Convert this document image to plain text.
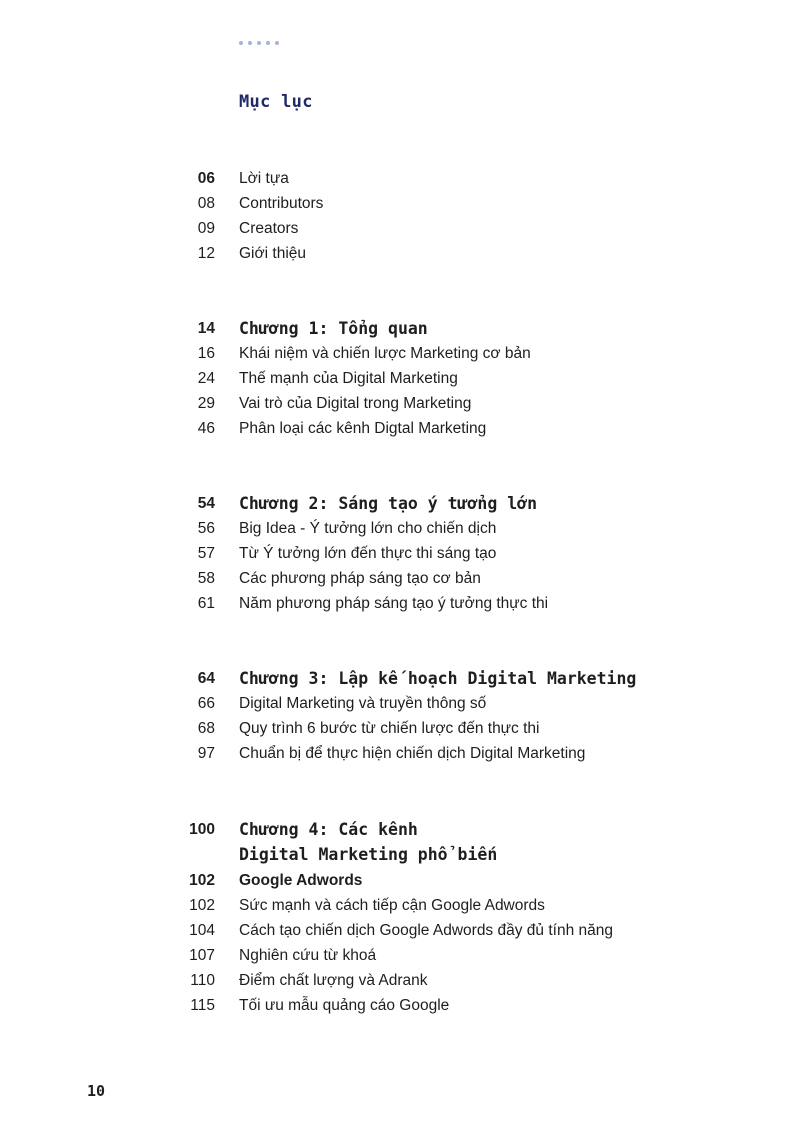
Mục lục
06 Lời tựa
08 Contributors
09 Creators
12 Giới thiệu
14 Chương 1: Tổng quan
16 Khái niệm và chiến lược Marketing cơ bản
24 Thế mạnh của Digital Marketing
29 Vai trò của Digital trong Marketing
46 Phân loại các kênh Digtal Marketing
54 Chương 2: Sáng tạo ý tưởng lớn
56 Big Idea - Ý tưởng lớn cho chiến dịch
57 Từ Ý tưởng lớn đến thực thi sáng tạo
58 Các phương pháp sáng tạo cơ bản
61 Năm phương pháp sáng tạo ý tưởng thực thi
64 Chương 3: Lập kế hoạch Digital Marketing
66 Digital Marketing và truyền thông số
68 Quy trình 6 bước từ chiến lược đến thực thi
97 Chuẩn bị để thực hiện chiến dịch Digital Marketing
100 Chương 4: Các kênh
Digital Marketing phổ biến
102 Google Adwords
102 Sức mạnh và cách tiếp cận Google Adwords
104 Cách tạo chiến dịch Google Adwords đầy đủ tính năng
107 Nghiên cứu từ khoá
110 Điểm chất lượng và Adrank
115 Tối ưu mẫu quảng cáo Google
10
